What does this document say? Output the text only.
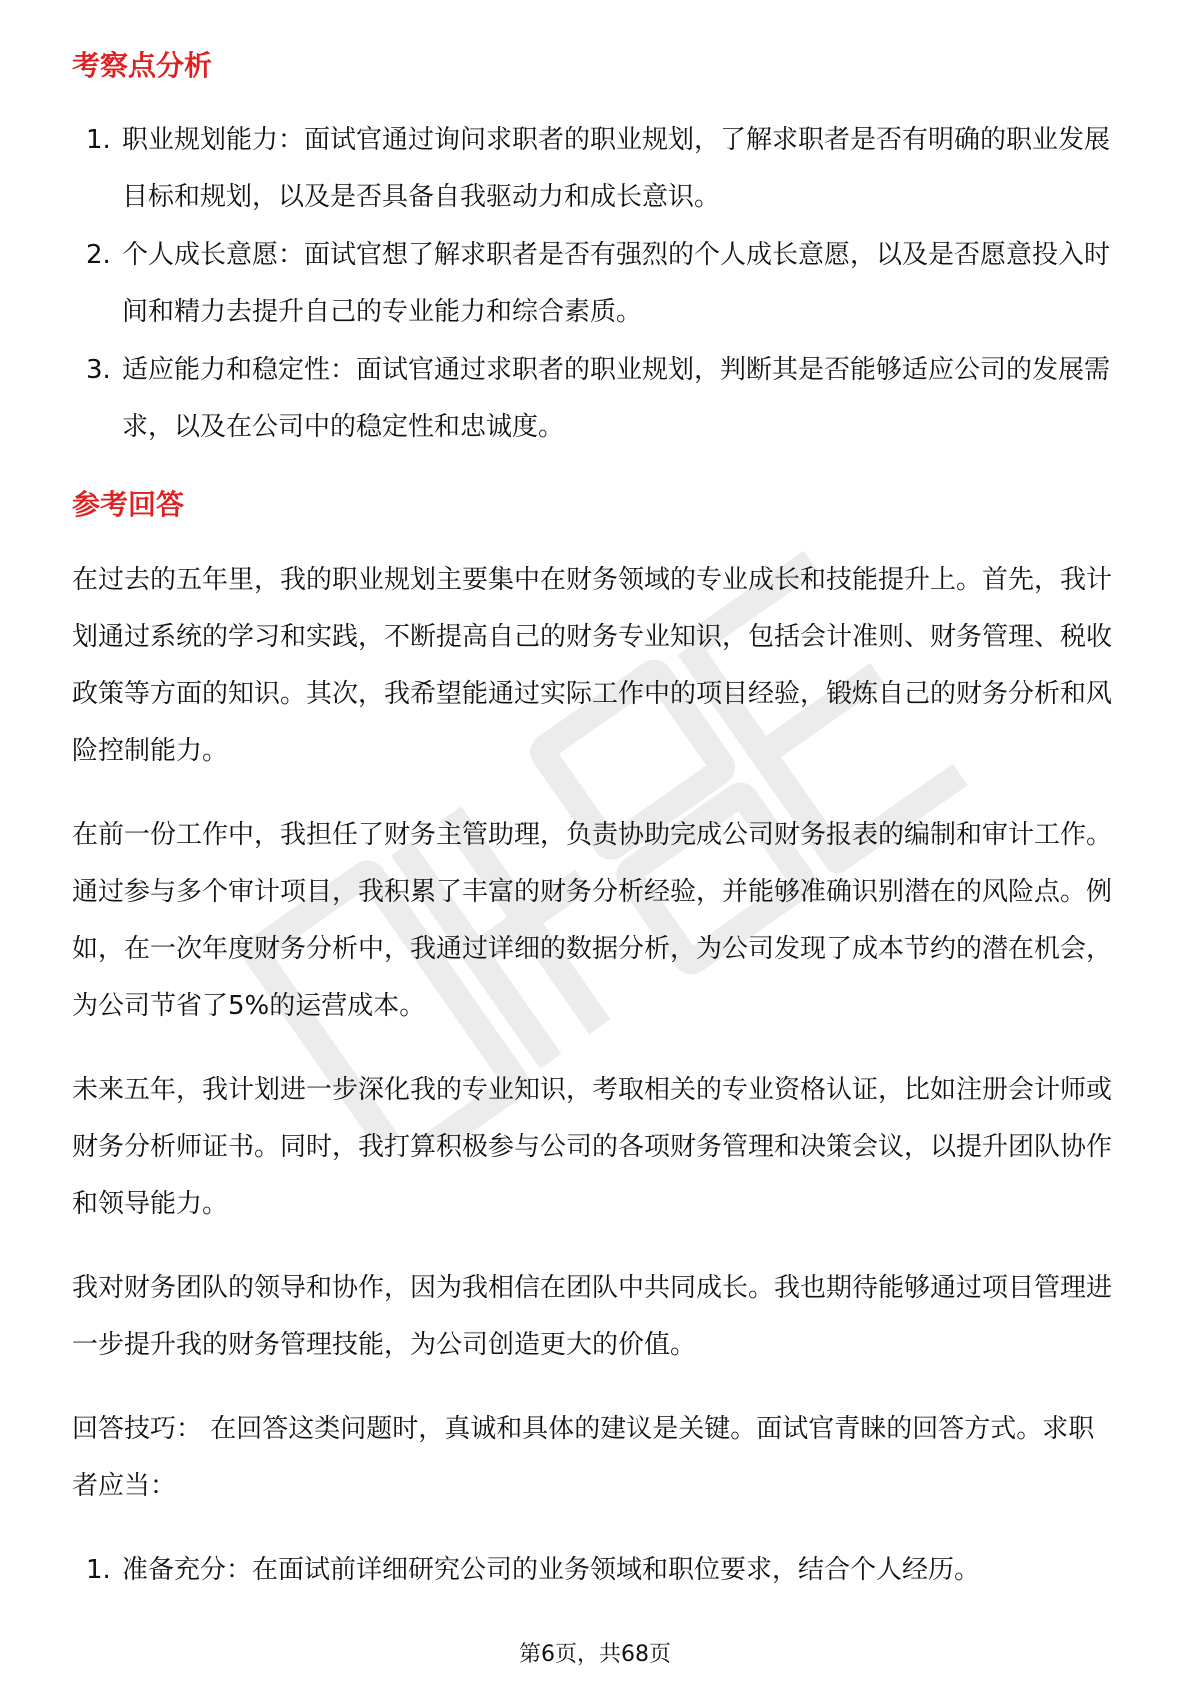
考察点分析
1. 职业规划能力：面试官通过询问求职者的职业规划，了解求职者是否有明确的职业发展目标和规划，以及是否具备自我驱动力和成长意识。
2. 个人成长意愿：面试官想了解求职者是否有强烈的个人成长意愿，以及是否愿意投入时间和精力去提升自己的专业能力和综合素质。
3. 适应能力和稳定性：面试官通过求职者的职业规划，判断其是否能够适应公司的发展需求，以及在公司中的稳定性和忠诚度。
参考回答

在过去的五年里，我的职业规划主要集中在财务领域的专业成长和技能提升上。首先，我计划通过系统的学习和实践，不断提高自己的财务专业知识，包括会计准则、财务管理、税收政策等方面的知识。其次，我希望能通过实际工作中的项目经验，锻炼自己的财务分析和风险控制能力。

在前一份工作中，我担任了财务主管助理，负责协助完成公司财务报表的编制和审计工作。通过参与多个审计项目，我积累了丰富的财务分析经验，并能够准确识别潜在的风险点。例如，在一次年度财务分析中，我通过详细的数据分析，为公司发现了成本节约的潜在机会，为公司节省了5%的运营成本。

未来五年，我计划进一步深化我的专业知识，考取相关的专业资格认证，比如注册会计师或财务分析师证书。同时，我打算积极参与公司的各项财务管理和决策会议，以提升团队协作和领导能力。

我对财务团队的领导和协作，因为我相信在团队中共同成长。我也期待能够通过项目管理进一步提升我的财务管理技能，为公司创造更大的价值。

回答技巧： 在回答这类问题时，真诚和具体的建议是关键。面试官青睐的回答方式。求职者应当：

1. 准备充分：在面试前详细研究公司的业务领域和职位要求，结合个人经历。
第6页，共68页
